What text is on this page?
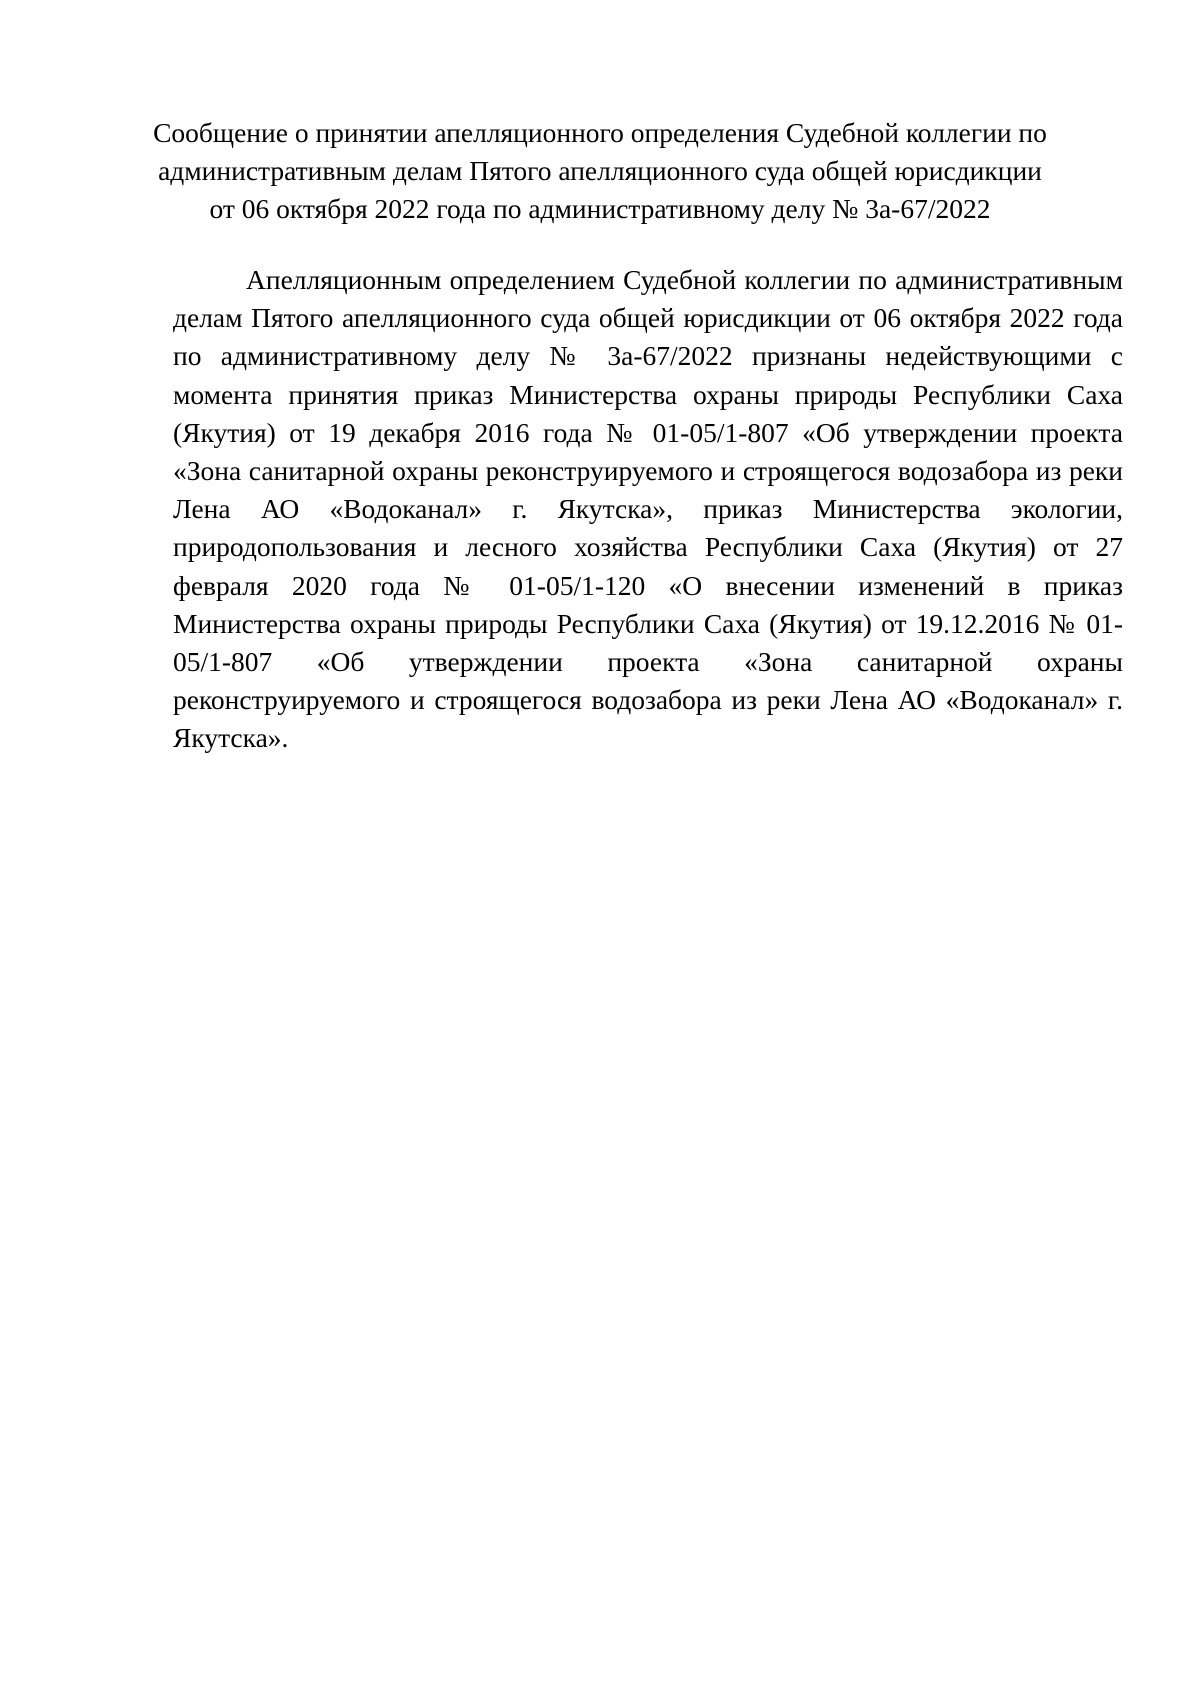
Сообщение о принятии апелляционного определения Судебной коллегии по
административным делам Пятого апелляционного суда общей юрисдикции
от 06 октября 2022 года по административному делу № 3а-67/2022

Апелляционным определением Судебной коллегии по административным делам Пятого апелляционного суда общей юрисдикции от 06 октября 2022 года по административному делу № 3а-67/2022 признаны недействующими с момента принятия приказ Министерства охраны природы Республики Саха (Якутия) от 19 декабря 2016 года № 01-05/1-807 «Об утверждении проекта «Зона санитарной охраны реконструируемого и строящегося водозабора из реки Лена АО «Водоканал» г. Якутска», приказ Министерства экологии, природопользования и лесного хозяйства Республики Саха (Якутия) от 27 февраля 2020 года № 01-05/1-120 «О внесении изменений в приказ Министерства охраны природы Республики Саха (Якутия) от 19.12.2016 № 01-05/1-807 «Об утверждении проекта «Зона санитарной охраны реконструируемого и строящегося водозабора из реки Лена АО «Водоканал» г. Якутска».
